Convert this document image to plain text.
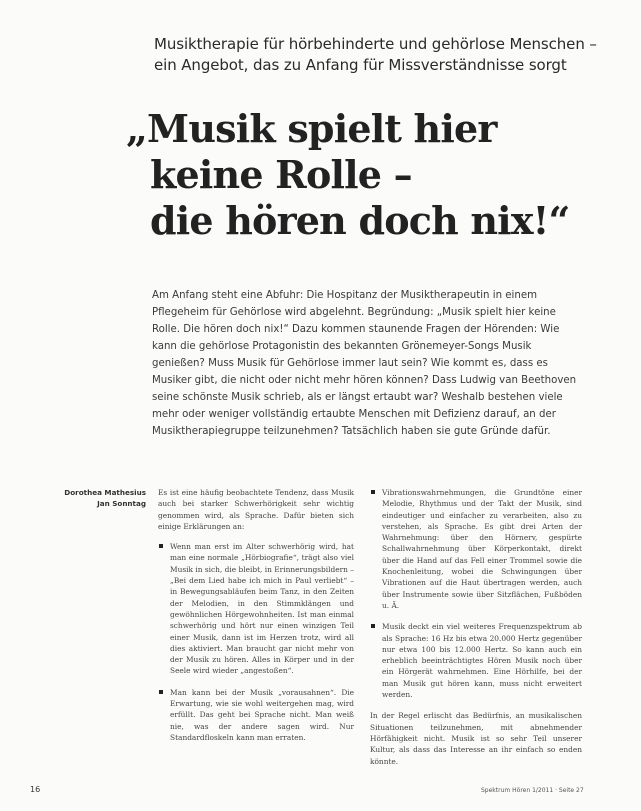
Musiktherapie für hörbehinderte und gehörlose Menschen –
ein Angebot, das zu Anfang für Missverständnisse sorgt
„Musik spielt hier
keine Rolle –
die hören doch nix!“

Am Anfang steht eine Abfuhr: Die Hospitanz der Musiktherapeutin in einem Pflegeheim für Gehörlose wird abgelehnt. Begründung: „Musik spielt hier keine Rolle. Die hören doch nix!“ Dazu kommen staunende Fragen der Hörenden: Wie kann die gehörlose Protagonistin des bekannten Grönemeyer-Songs Musik genießen? Muss Musik für Gehörlose immer laut sein? Wie kommt es, dass es Musiker gibt, die nicht oder nicht mehr hören können? Dass Ludwig van Beethoven seine schönste Musik schrieb, als er längst ertaubt war? Weshalb bestehen viele mehr oder weniger vollständig ertaubte Menschen mit Defizienz darauf, an der Musiktherapiegruppe teilzunehmen? Tatsächlich haben sie gute Gründe dafür.

Dorothea Mathesius
Jan Sonntag

Es ist eine häufig beobachtete Tendenz, dass Musik auch bei starker Schwerhörigkeit sehr wichtig genommen wird, als Sprache. Dafür bieten sich einige Erklärungen an:

Wenn man erst im Alter schwerhörig wird, hat man eine normale „Hörbiografie“, trägt also viel Musik in sich, die bleibt, in Erinnerungsbildern – „Bei dem Lied habe ich mich in Paul verliebt“ – in Bewegungsabläufen beim Tanz, in den Zeiten der Melodien, in den Stimmklängen und gewöhnlichen Hörgewohnheiten. Ist man einmal schwerhörig und hört nur einen winzigen Teil einer Musik, dann ist im Herzen trotz, wird all dies aktiviert. Man braucht gar nicht mehr von der Musik zu hören. Alles in Körper und in der Seele wird wieder „angestoßen“.
Man kann bei der Musik „vorausahnen“. Die Erwartung, wie sie wohl weitergehen mag, wird erfüllt. Das geht bei Sprache nicht. Man weiß nie, was der andere sagen wird. Nur Standardfloskeln kann man erraten.
Vibrationswahrnehmungen, die Grundtöne einer Melodie, Rhythmus und der Takt der Musik, sind eindeutiger und einfacher zu verarbeiten, also zu verstehen, als Sprache. Es gibt drei Arten der Wahrnehmung: über den Hörnerv, gespürte Schallwahrnehmung über Körperkontakt, direkt über die Hand auf das Fell einer Trommel sowie die Knochenleitung, wobei die Schwingungen über Vibrationen auf die Haut übertragen werden, auch über Instrumente sowie über Sitzflächen, Fußböden u. Ä.
Musik deckt ein viel weiteres Frequenzspektrum ab als Sprache: 16 Hz bis etwa 20.000 Hertz gegenüber nur etwa 100 bis 12.000 Hertz. So kann auch ein erheblich beeinträchtigtes Hören Musik noch über ein Hörgerät wahrnehmen. Eine Hörhilfe, bei der man Musik gut hören kann, muss nicht erweitert werden.

In der Regel erlischt das Bedürfnis, an musikalischen Situationen teilzunehmen, mit abnehmender Hörfähigkeit nicht. Musik ist so sehr Teil unserer Kultur, als dass das Interesse an ihr einfach so enden könnte.

16	Spektrum Hören 1/2011 · Seite 27
